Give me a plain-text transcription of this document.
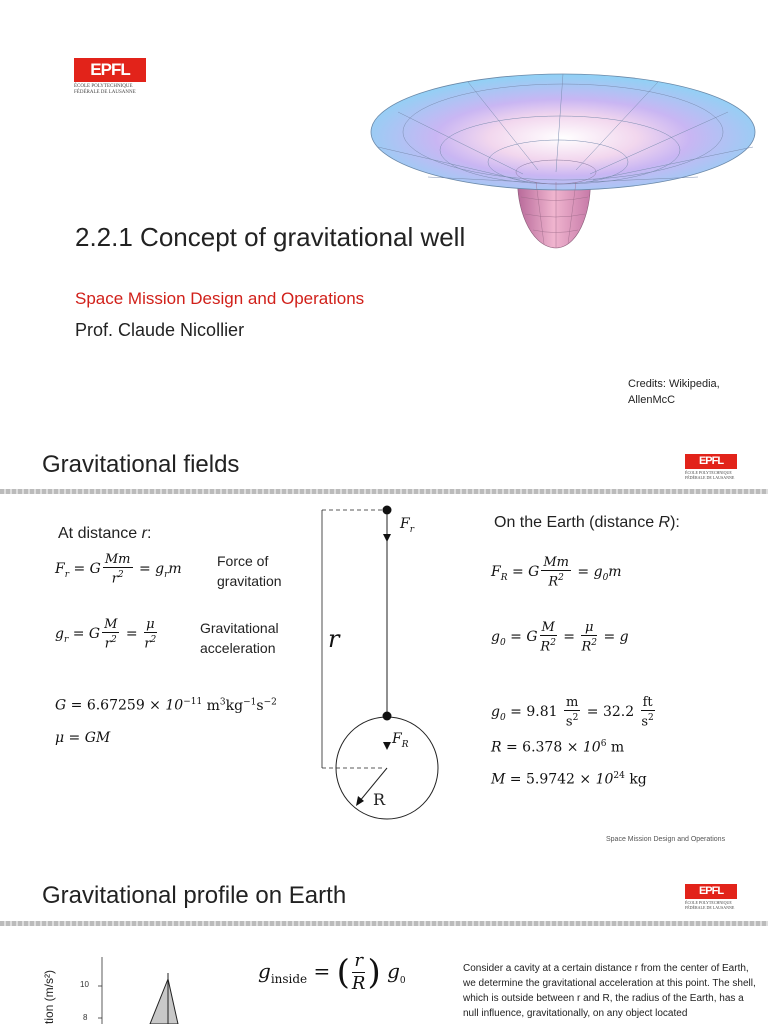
EPFL
ÉCOLE POLYTECHNIQUE
FÉDÉRALE DE LAUSANNE
2.2.1 Concept of gravitational well
Space Mission Design and Operations
Prof. Claude Nicollier
Credits: Wikipedia,
AllenMcC
Gravitational fields	EPFL
ÉCOLE POLYTECHNIQUE
FÉDÉRALE DE LAUSANNE
At distance r:
$F_r = G \frac{Mm}{r^2} = g_rm$
Force of
gravitation
$g_r = G \frac{M}{r^2} = \frac{\mu}{r^2}$	Gravitational
acceleration
$G = 6.67259 \times 10^{-11}$ $m^3kg^{-1}s^{-2}$
μ = GM
$F_r$
$F_R$
r
R
On the Earth (distance R):
$F_R = G \frac{Mm}{R^2} = g_0m$
$g_0 = G \frac{M}{R^2} = \frac{\mu}{R^2} = g$
$g_0 = 9.81 \frac{m}{s^2} = 32.2 \frac{ft}{s^2}$
$R = 6.378 \times 10^6$ m
$M = 5.9742 \times 10^{24}$ kg
Space Mission Design and Operations
Gravitational profile on Earth	EPFL
ÉCOLE POLYTECHNIQUE
FÉDÉRALE DE LAUSANNE
tion (m/s²)	10
8
$g_{inside}$ = ( $\frac{r}{R}$ ) $g_0$
Consider a cavity at a certain distance r from the center of Earth, we determine the gravitational acceleration at this point. The shell, which is outside between r and R, the radius of the Earth, has a null influence, gravitationally, on any object located
